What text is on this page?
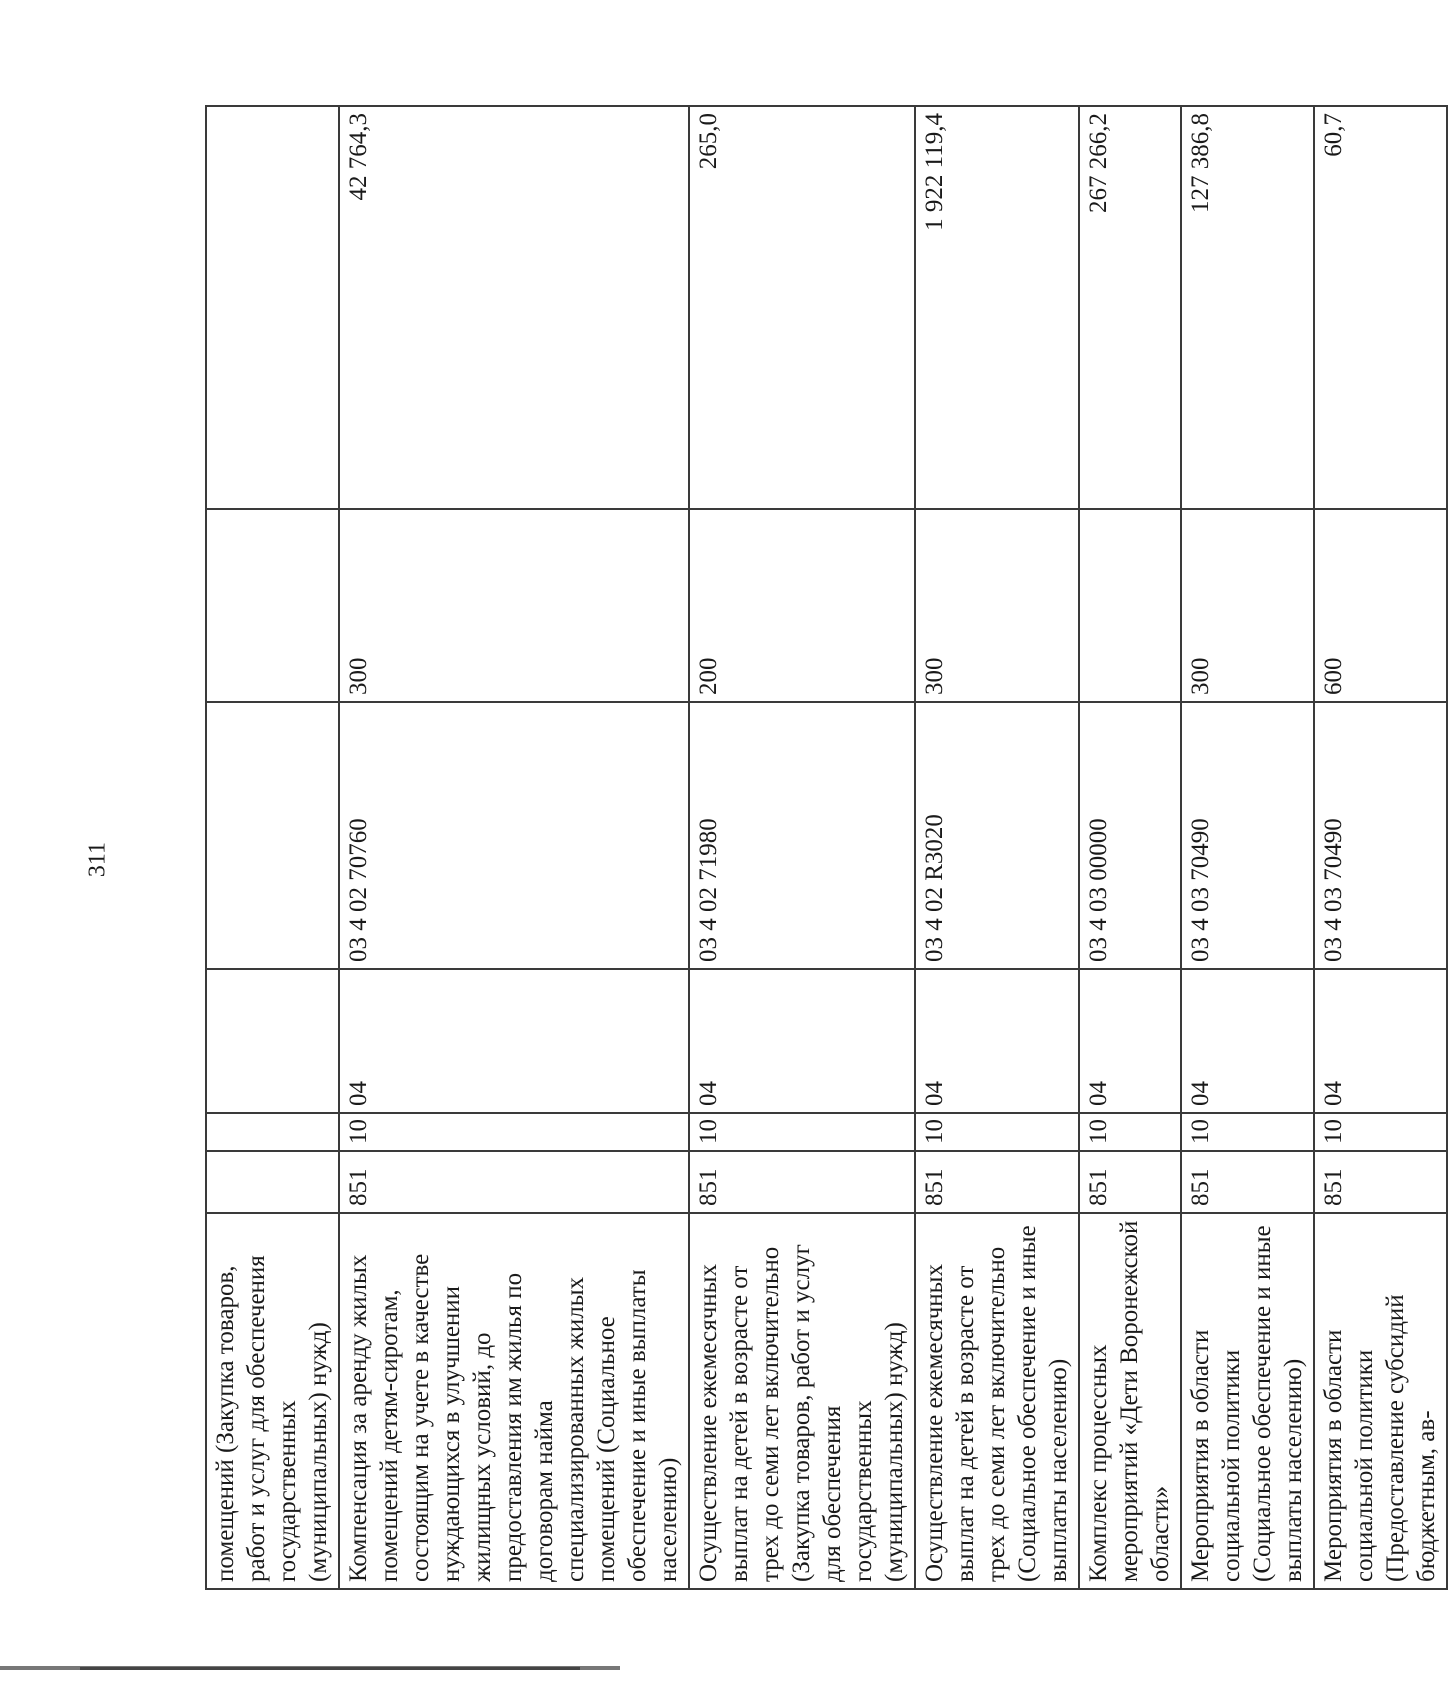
311
помещений (Закупка товаров, работ и услуг для обеспечения государственных (муниципальных) нужд)						
Компенсация за аренду жилых помещений детям-сиротам, состоящим на учете в качестве нуждающихся в улучшении жилищных условий, до предоставления им жилья по договорам найма специализированных жилых помещений (Социальное обеспечение и иные выплаты населению)	851	10	04	03 4 02 70760	300	42 764,3
Осуществление ежемесячных выплат на детей в возрасте от трех до семи лет включительно (Закупка товаров, работ и услуг для обеспечения государственных (муниципальных) нужд)	851	10	04	03 4 02 71980	200	265,0
Осуществление ежемесячных выплат на детей в возрасте от трех до семи лет включительно (Социальное обеспечение и иные выплаты населению)	851	10	04	03 4 02 R3020	300	1 922 119,4
Комплекс процессных мероприятий «Дети Воронежской области»	851	10	04	03 4 03 00000		267 266,2
Мероприятия в области социальной политики (Социальное обеспечение и иные выплаты населению)	851	10	04	03 4 03 70490	300	127 386,8
Мероприятия в области социальной политики (Предоставление субсидий бюджетным, ав-	851	10	04	03 4 03 70490	600	60,7
